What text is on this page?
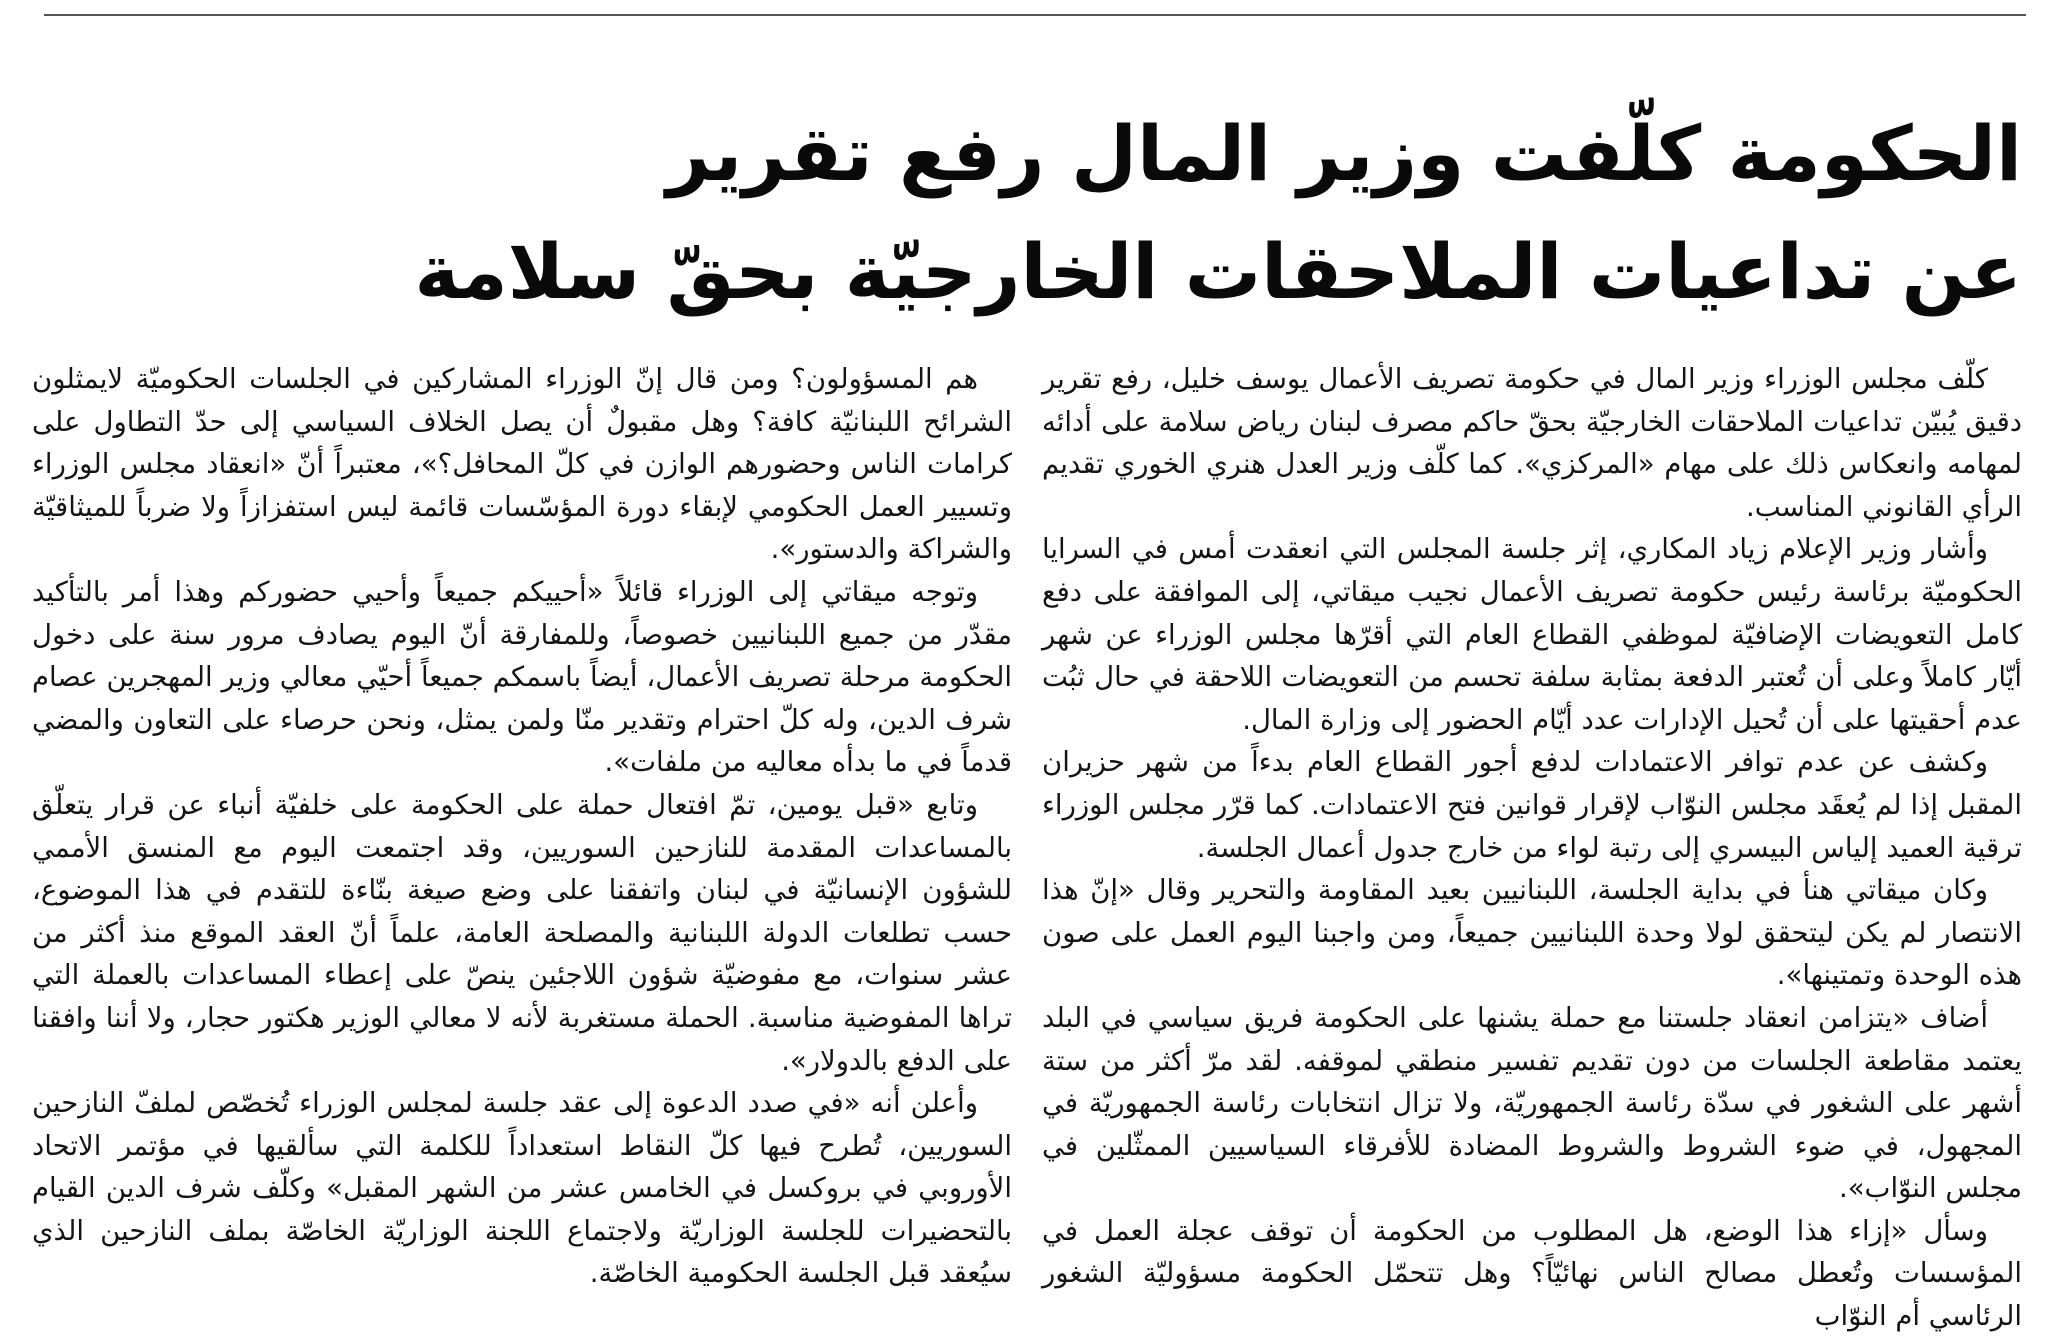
الحكومة كلّفت وزير المال رفع تقرير
عن تداعيات الملاحقات الخارجيّة بحقّ سلامة

كلّف مجلس الوزراء وزير المال في حكومة تصريف الأعمال يوسف خليل، رفع تقرير دقيق يُبيّن تداعيات الملاحقات الخارجيّة بحقّ حاكم مصرف لبنان رياض سلامة على أدائه لمهامه وانعكاس ذلك على مهام «المركزي». كما كلّف وزير العدل هنري الخوري تقديم الرأي القانوني المناسب.

وأشار وزير الإعلام زياد المكاري، إثر جلسة المجلس التي انعقدت أمس في السرايا الحكوميّة برئاسة رئيس حكومة تصريف الأعمال نجيب ميقاتي، إلى الموافقة على دفع كامل التعويضات الإضافيّة لموظفي القطاع العام التي أقرّها مجلس الوزراء عن شهر أيّار كاملاً وعلى أن تُعتبر الدفعة بمثابة سلفة تحسم من التعويضات اللاحقة في حال ثبُت عدم أحقيتها على أن تُحيل الإدارات عدد أيّام الحضور إلى وزارة المال.

وكشف عن عدم توافر الاعتمادات لدفع أجور القطاع العام بدءاً من شهر حزيران المقبل إذا لم يُعقَد مجلس النوّاب لإقرار قوانين فتح الاعتمادات. كما قرّر مجلس الوزراء ترقية العميد إلياس البيسري إلى رتبة لواء من خارج جدول أعمال الجلسة.

وكان ميقاتي هنأ في بداية الجلسة، اللبنانيين بعيد المقاومة والتحرير وقال «إنّ هذا الانتصار لم يكن ليتحقق لولا وحدة اللبنانيين جميعاً، ومن واجبنا اليوم العمل على صون هذه الوحدة وتمتينها».

أضاف «يتزامن انعقاد جلستنا مع حملة يشنها على الحكومة فريق سياسي في البلد يعتمد مقاطعة الجلسات من دون تقديم تفسير منطقي لموقفه. لقد مرّ أكثر من ستة أشهر على الشغور في سدّة رئاسة الجمهوريّة، ولا تزال انتخابات رئاسة الجمهوريّة في المجهول، في ضوء الشروط والشروط المضادة للأفرقاء السياسيين الممثّلين في مجلس النوّاب».

وسأل «إزاء هذا الوضع، هل المطلوب من الحكومة أن توقف عجلة العمل في المؤسسات وتُعطل مصالح الناس نهائيّاً؟ وهل تتحمّل الحكومة مسؤوليّة الشغور الرئاسي أم النوّاب

هم المسؤولون؟ ومن قال إنّ الوزراء المشاركين في الجلسات الحكوميّة لايمثلون الشرائح اللبنانيّة كافة؟ وهل مقبولٌ أن يصل الخلاف السياسي إلى حدّ التطاول على كرامات الناس وحضورهم الوازن في كلّ المحافل؟»، معتبراً أنّ «انعقاد مجلس الوزراء وتسيير العمل الحكومي لإبقاء دورة المؤسّسات قائمة ليس استفزازاً ولا ضرباً للميثاقيّة والشراكة والدستور».

وتوجه ميقاتي إلى الوزراء قائلاً «أحييكم جميعاً وأحيي حضوركم وهذا أمر بالتأكيد مقدّر من جميع اللبنانيين خصوصاً، وللمفارقة أنّ اليوم يصادف مرور سنة على دخول الحكومة مرحلة تصريف الأعمال، أيضاً باسمكم جميعاً أحيّي معالي وزير المهجرين عصام شرف الدين، وله كلّ احترام وتقدير منّا ولمن يمثل، ونحن حرصاء على التعاون والمضي قدماً في ما بدأه معاليه من ملفات».

وتابع «قبل يومين، تمّ افتعال حملة على الحكومة على خلفيّة أنباء عن قرار يتعلّق بالمساعدات المقدمة للنازحين السوريين، وقد اجتمعت اليوم مع المنسق الأممي للشؤون الإنسانيّة في لبنان واتفقنا على وضع صيغة بنّاءة للتقدم في هذا الموضوع، حسب تطلعات الدولة اللبنانية والمصلحة العامة، علماً أنّ العقد الموقع منذ أكثر من عشر سنوات، مع مفوضيّة شؤون اللاجئين ينصّ على إعطاء المساعدات بالعملة التي تراها المفوضية مناسبة. الحملة مستغربة لأنه لا معالي الوزير هكتور حجار، ولا أننا وافقنا على الدفع بالدولار».

وأعلن أنه «في صدد الدعوة إلى عقد جلسة لمجلس الوزراء تُخصّص لملفّ النازحين السوريين، تُطرح فيها كلّ النقاط استعداداً للكلمة التي سألقيها في مؤتمر الاتحاد الأوروبي في بروكسل في الخامس عشر من الشهر المقبل» وكلّف شرف الدين القيام بالتحضيرات للجلسة الوزاريّة ولاجتماع اللجنة الوزاريّة الخاصّة بملف النازحين الذي سيُعقد قبل الجلسة الحكومية الخاصّة.
